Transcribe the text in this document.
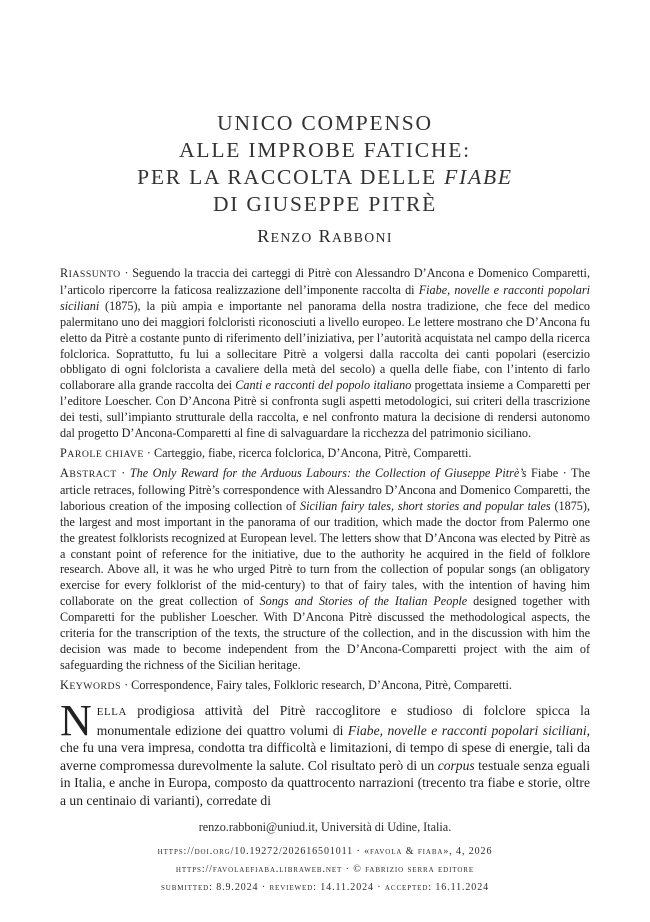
UNICO COMPENSO
ALLE IMPROBE FATICHE:
PER LA RACCOLTA DELLE FIABE
DI GIUSEPPE PITRÈ
RENZO RABBONI
RIASSUNTO · Seguendo la traccia dei carteggi di Pitrè con Alessandro D’Ancona e Domenico Comparetti, l’articolo ripercorre la faticosa realizzazione dell’imponente raccolta di Fiabe, novelle e racconti popolari siciliani (1875), la più ampia e importante nel panorama della nostra tradizione, che fece del medico palermitano uno dei maggiori folcloristi riconosciuti a livello europeo. Le lettere mostrano che D’Ancona fu eletto da Pitrè a costante punto di riferimento dell’iniziativa, per l’autorità acquistata nel campo della ricerca folclorica. Soprattutto, fu lui a sollecitare Pitrè a volgersi dalla raccolta dei canti popolari (esercizio obbligato di ogni folclorista a cavaliere della metà del secolo) a quella delle fiabe, con l’intento di farlo collaborare alla grande raccolta dei Canti e racconti del popolo italiano progettata insieme a Comparetti per l’editore Loescher. Con D’Ancona Pitrè si confronta sugli aspetti metodologici, sui criteri della trascrizione dei testi, sull’impianto strutturale della raccolta, e nel confronto matura la decisione di rendersi autonomo dal progetto D’Ancona-Comparetti al fine di salvaguardare la ricchezza del patrimonio siciliano.
PAROLE CHIAVE · Carteggio, fiabe, ricerca folclorica, D’Ancona, Pitrè, Comparetti.
ABSTRACT · The Only Reward for the Arduous Labours: the Collection of Giuseppe Pitrè’s Fiabe · The article retraces, following Pitrè’s correspondence with Alessandro D’Ancona and Domenico Comparetti, the laborious creation of the imposing collection of Sicilian fairy tales, short stories and popular tales (1875), the largest and most important in the panorama of our tradition, which made the doctor from Palermo one the greatest folklorists recognized at European level. The letters show that D’Ancona was elected by Pitrè as a constant point of reference for the initiative, due to the authority he acquired in the field of folklore research. Above all, it was he who urged Pitrè to turn from the collection of popular songs (an obligatory exercise for every folklorist of the mid-century) to that of fairy tales, with the intention of having him collaborate on the great collection of Songs and Stories of the Italian People designed together with Comparetti for the publisher Loescher. With D’Ancona Pitrè discussed the methodological aspects, the criteria for the transcription of the texts, the structure of the collection, and in the discussion with him the decision was made to become independent from the D’Ancona-Comparetti project with the aim of safeguarding the richness of the Sicilian heritage.
KEYWORDS · Correspondence, Fairy tales, Folkloric research, D’Ancona, Pitrè, Comparetti.
NELLA prodigiosa attività del Pitrè raccoglitore e studioso di folclore spicca la monumentale edizione dei quattro volumi di Fiabe, novelle e racconti popolari siciliani, che fu una vera impresa, condotta tra difficoltà e limitazioni, di tempo di spese di energie, tali da averne compromessa durevolmente la salute. Col risultato però di un corpus testuale senza eguali in Italia, e anche in Europa, composto da quattrocento narrazioni (trecento tra fiabe e storie, oltre a un centinaio di varianti), corredate di
renzo.rabboni@uniud.it, Università di Udine, Italia.
https://doi.org/10.19272/202616501011 · «favola & fiaba», 4, 2026
https://favolaefiaba.libraweb.net · © fabrizio serra editore
submitted: 8.9.2024 · reviewed: 14.11.2024 · accepted: 16.11.2024
